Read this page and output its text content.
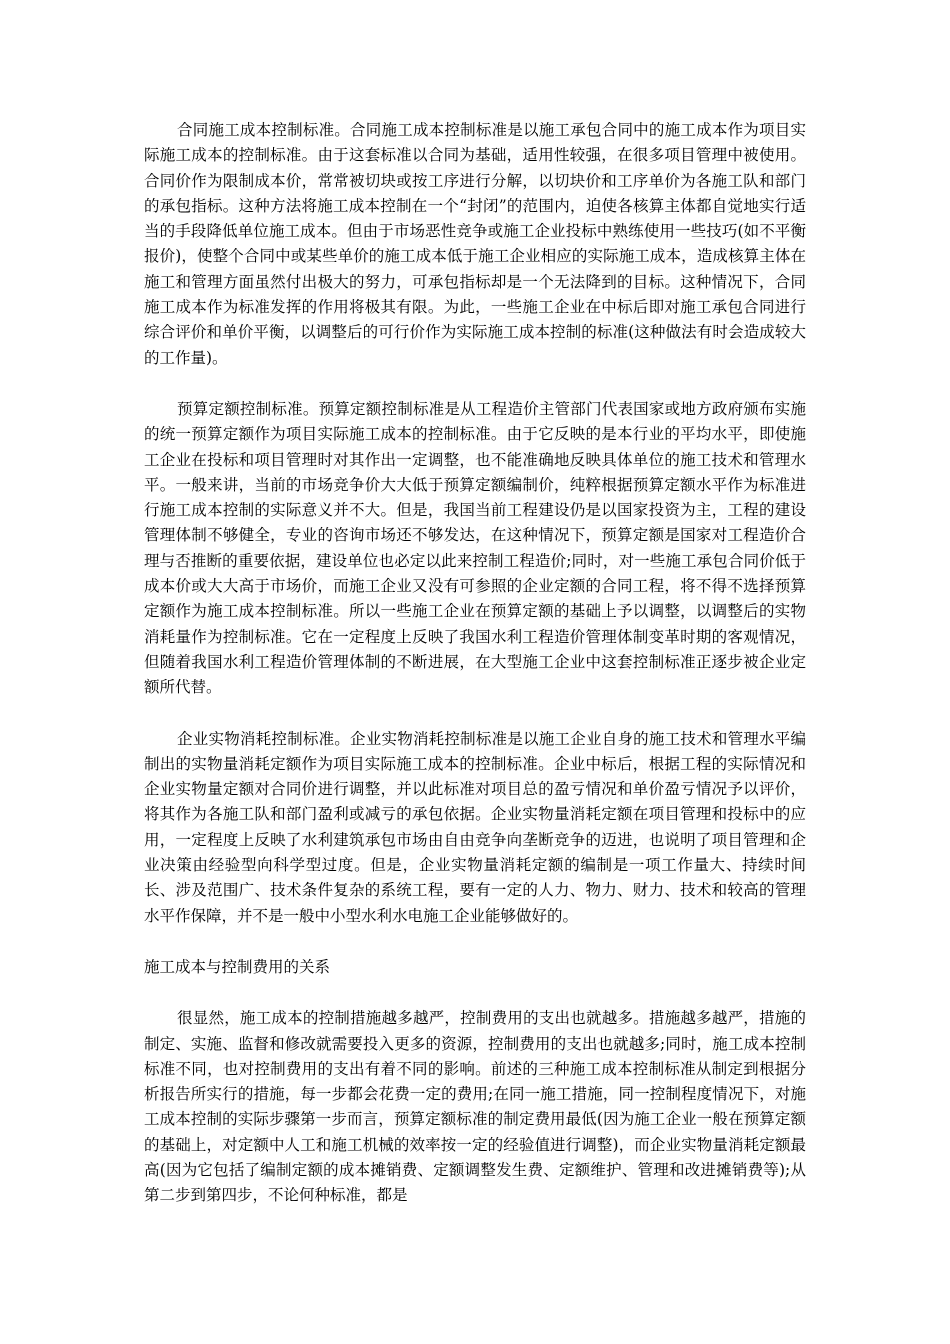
合同施工成本控制标准。合同施工成本控制标准是以施工承包合同中的施工成本作为项目实际施工成本的控制标准。由于这套标准以合同为基础，适用性较强，在很多项目管理中被使用。合同价作为限制成本价，常常被切块或按工序进行分解，以切块价和工序单价为各施工队和部门的承包指标。这种方法将施工成本控制在一个“封闭”的范围内，迫使各核算主体都自觉地实行适当的手段降低单位施工成本。但由于市场恶性竞争或施工企业投标中熟练使用一些技巧(如不平衡报价)，使整个合同中或某些单价的施工成本低于施工企业相应的实际施工成本，造成核算主体在施工和管理方面虽然付出极大的努力，可承包指标却是一个无法降到的目标。这种情况下，合同施工成本作为标准发挥的作用将极其有限。为此，一些施工企业在中标后即对施工承包合同进行综合评价和单价平衡，以调整后的可行价作为实际施工成本控制的标准(这种做法有时会造成较大的工作量)。

预算定额控制标准。预算定额控制标准是从工程造价主管部门代表国家或地方政府颁布实施的统一预算定额作为项目实际施工成本的控制标准。由于它反映的是本行业的平均水平，即使施工企业在投标和项目管理时对其作出一定调整，也不能准确地反映具体单位的施工技术和管理水平。一般来讲，当前的市场竞争价大大低于预算定额编制价，纯粹根据预算定额水平作为标准进行施工成本控制的实际意义并不大。但是，我国当前工程建设仍是以国家投资为主，工程的建设管理体制不够健全，专业的咨询市场还不够发达，在这种情况下，预算定额是国家对工程造价合理与否推断的重要依据，建设单位也必定以此来控制工程造价;同时，对一些施工承包合同价低于成本价或大大高于市场价，而施工企业又没有可参照的企业定额的合同工程，将不得不选择预算定额作为施工成本控制标准。所以一些施工企业在预算定额的基础上予以调整，以调整后的实物消耗量作为控制标准。它在一定程度上反映了我国水利工程造价管理体制变革时期的客观情况，但随着我国水利工程造价管理体制的不断进展，在大型施工企业中这套控制标准正逐步被企业定额所代替。

企业实物消耗控制标准。企业实物消耗控制标准是以施工企业自身的施工技术和管理水平编制出的实物量消耗定额作为项目实际施工成本的控制标准。企业中标后，根据工程的实际情况和企业实物量定额对合同价进行调整，并以此标准对项目总的盈亏情况和单价盈亏情况予以评价，将其作为各施工队和部门盈利或减亏的承包依据。企业实物量消耗定额在项目管理和投标中的应用，一定程度上反映了水利建筑承包市场由自由竞争向垄断竞争的迈进，也说明了项目管理和企业决策由经验型向科学型过度。但是，企业实物量消耗定额的编制是一项工作量大、持续时间长、涉及范围广、技术条件复杂的系统工程，要有一定的人力、物力、财力、技术和较高的管理水平作保障，并不是一般中小型水利水电施工企业能够做好的。

施工成本与控制费用的关系

很显然，施工成本的控制措施越多越严，控制费用的支出也就越多。措施越多越严，措施的制定、实施、监督和修改就需要投入更多的资源，控制费用的支出也就越多;同时，施工成本控制标准不同，也对控制费用的支出有着不同的影响。前述的三种施工成本控制标准从制定到根据分析报告所实行的措施，每一步都会花费一定的费用;在同一施工措施，同一控制程度情况下，对施工成本控制的实际步骤第一步而言，预算定额标准的制定费用最低(因为施工企业一般在预算定额的基础上，对定额中人工和施工机械的效率按一定的经验值进行调整)，而企业实物量消耗定额最高(因为它包括了编制定额的成本摊销费、定额调整发生费、定额维护、管理和改进摊销费等);从第二步到第四步，不论何种标准，都是
